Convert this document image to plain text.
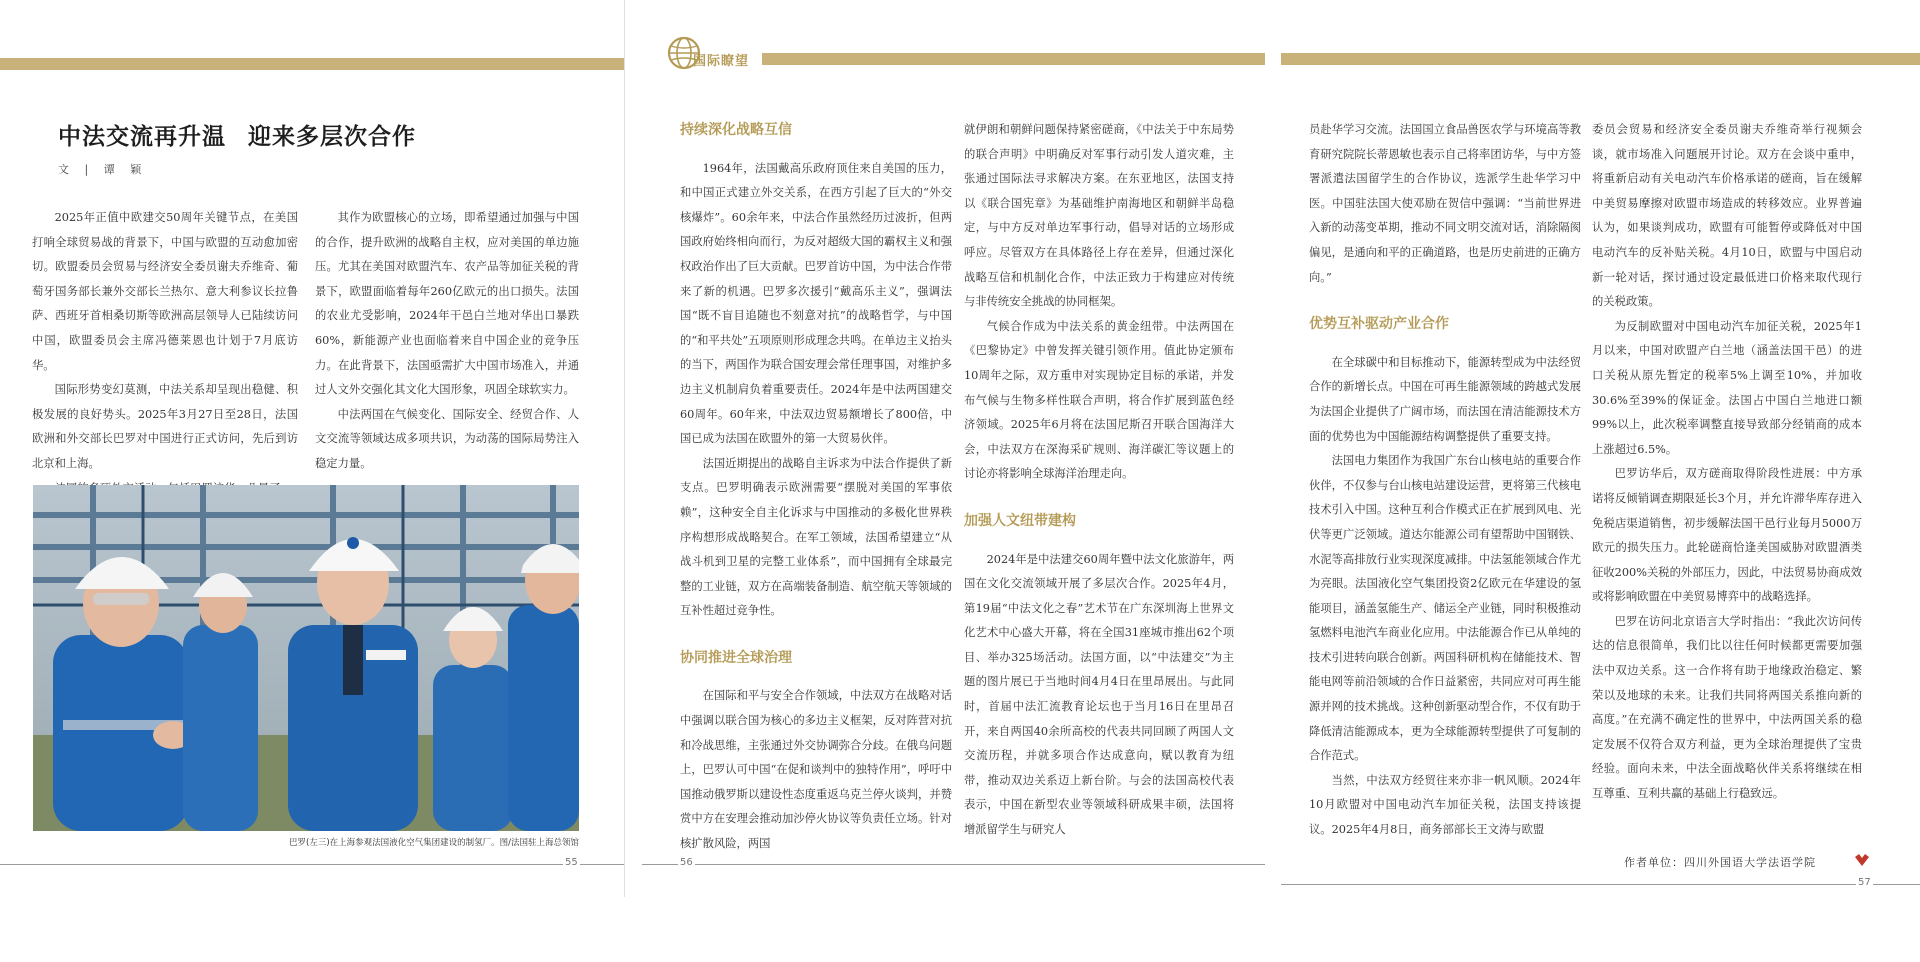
中法交流再升温 迎来多层次合作
文 | 谭 颖

2025年正值中欧建交50周年关键节点，在美国打响全球贸易战的背景下，中国与欧盟的互动愈加密切。欧盟委员会贸易与经济安全委员谢夫乔维奇、葡萄牙国务部长兼外交部长兰热尔、意大利参议长拉鲁萨、西班牙首相桑切斯等欧洲高层领导人已陆续访问中国，欧盟委员会主席冯德莱恩也计划于7月底访华。

国际形势变幻莫测，中法关系却呈现出稳健、积极发展的良好势头。2025年3月27日至28日，法国欧洲和外交部长巴罗对中国进行正式访问，先后到访北京和上海。

其作为欧盟核心的立场，即希望通过加强与中国的合作，提升欧洲的战略自主权，应对美国的单边施压。尤其在美国对欧盟汽车、农产品等加征关税的背景下，欧盟面临着每年260亿欧元的出口损失。法国的农业尤受影响，2024年干邑白兰地对华出口暴跌60%，新能源产业也面临着来自中国企业的竞争压力。在此背景下，法国亟需扩大中国市场准入，并通过人文外交强化其文化大国形象，巩固全球软实力。

中法两国在气候变化、国际安全、经贸合作、人文交流等领域达成多项共识，为动荡的国际局势注入稳定力量。

巴罗(左三)在上海参观法国液化空气集团建设的制氢厂。图/法国驻上海总领馆
55
持续深化战略互信

1964年，法国戴高乐政府顶住来自美国的压力，和中国正式建立外交关系，在西方引起了巨大的“外交核爆炸”。60余年来，中法合作虽然经历过波折，但两国政府始终相向而行，为反对超级大国的霸权主义和强权政治作出了巨大贡献。巴罗首访中国，为中法合作带来了新的机遇。巴罗多次援引“戴高乐主义”，强调法国“既不盲目追随也不刻意对抗”的战略哲学，与中国的“和平共处”五项原则形成理念共鸣。在单边主义抬头的当下，两国作为联合国安理会常任理事国，对维护多边主义机制肩负着重要责任。2024年是中法两国建交60周年。60年来，中法双边贸易额增长了800倍，中国已成为法国在欧盟外的第一大贸易伙伴。

法国近期提出的战略自主诉求为中法合作提供了新支点。巴罗明确表示欧洲需要“摆脱对美国的军事依赖”，这种安全自主化诉求与中国推动的多极化世界秩序构想形成战略契合。在军工领域，法国希望建立“从战斗机到卫星的完整工业体系”，而中国拥有全球最完整的工业链，双方在高端装备制造、航空航天等领域的互补性超过竞争性。

协同推进全球治理

在国际和平与安全合作领域，中法双方在战略对话中强调以联合国为核心的多边主义框架，反对阵营对抗和冷战思维，主张通过外交协调弥合分歧。在俄乌问题上，巴罗认可中国“在促和谈判中的独特作用”，呼吁中国推动俄罗斯以建设性态度重返乌克兰停火谈判，并赞赏中方在安理会推动加沙停火协议等负责任立场。针对核扩散风险，两国

就伊朗和朝鲜问题保持紧密磋商，《中法关于中东局势的联合声明》中明确反对军事行动引发人道灾难，主张通过国际法寻求解决方案。在东亚地区，法国支持以《联合国宪章》为基础维护南海地区和朝鲜半岛稳定，与中方反对单边军事行动，倡导对话的立场形成呼应。尽管双方在具体路径上存在差异，但通过深化战略互信和机制化合作，中法正致力于构建应对传统与非传统安全挑战的协同框架。

气候合作成为中法关系的黄金纽带。中法两国在《巴黎协定》中曾发挥关键引领作用。值此协定颁布10周年之际，双方重申对实现协定目标的承诺，并发布气候与生物多样性联合声明，将合作扩展到蓝色经济领域。2025年6月将在法国尼斯召开联合国海洋大会，中法双方在深海采矿规则、海洋碳汇等议题上的讨论亦将影响全球海洋治理走向。

加强人文纽带建构

2024年是中法建交60周年暨中法文化旅游年，两国在文化交流领域开展了多层次合作。2025年4月，第19届“中法文化之春”艺术节在广东深圳海上世界文化艺术中心盛大开幕，将在全国31座城市推出62个项目、举办325场活动。法国方面，以“中法建交”为主题的图片展已于当地时间4月4日在里昂展出。与此同时，首届中法汇流教育论坛也于当月16日在里昂召开，来自两国40余所高校的代表共同回顾了两国人文交流历程，并就多项合作达成意向，赋以教育为纽带，推动双边关系迈上新台阶。与会的法国高校代表表示，中国在新型农业等领域科研成果丰硕，法国将增派留学生与研究人

56
国际瞭望

员赴华学习交流。法国国立食品兽医农学与环境高等教育研究院院长蒂恩敏也表示自己将率团访华，与中方签署派遣法国留学生的合作协议，选派学生赴华学习中医。中国驻法国大使邓励在贺信中强调：“当前世界进入新的动荡变革期，推动不同文明交流对话，消除隔阂偏见，是通向和平的正确道路，也是历史前进的正确方向。”

优势互补驱动产业合作

在全球碳中和目标推动下，能源转型成为中法经贸合作的新增长点。中国在可再生能源领域的跨越式发展为法国企业提供了广阔市场，而法国在清洁能源技术方面的优势也为中国能源结构调整提供了重要支持。

法国电力集团作为我国广东台山核电站的重要合作伙伴，不仅参与台山核电站建设运营，更将第三代核电技术引入中国。这种互利合作模式正在扩展到风电、光伏等更广泛领域。道达尔能源公司有望帮助中国钢铁、水泥等高排放行业实现深度减排。中法氢能领域合作尤为亮眼。法国液化空气集团投资2亿欧元在华建设的氢能项目，涵盖氢能生产、储运全产业链，同时积极推动氢燃料电池汽车商业化应用。中法能源合作已从单纯的技术引进转向联合创新。两国科研机构在储能技术、智能电网等前沿领域的合作日益紧密，共同应对可再生能源并网的技术挑战。这种创新驱动型合作，不仅有助于降低清洁能源成本，更为全球能源转型提供了可复制的合作范式。

当然，中法双方经贸往来亦非一帆风顺。2024年10月欧盟对中国电动汽车加征关税，法国支持该提议。2025年4月8日，商务部部长王文涛与欧盟

委员会贸易和经济安全委员谢夫乔维奇举行视频会谈，就市场准入问题展开讨论。双方在会谈中重申，将重新启动有关电动汽车价格承诺的磋商，旨在缓解中美贸易摩擦对欧盟市场造成的转移效应。业界普遍认为，如果谈判成功，欧盟有可能暂停或降低对中国电动汽车的反补贴关税。4月10日，欧盟与中国启动新一轮对话，探讨通过设定最低进口价格来取代现行的关税政策。

为反制欧盟对中国电动汽车加征关税，2025年1月以来，中国对欧盟产白兰地（涵盖法国干邑）的进口关税从原先暂定的税率5%上调至10%，并加收30.6%至39%的保证金。法国占中国白兰地进口额99%以上，此次税率调整直接导致部分经销商的成本上涨超过6.5%。

巴罗访华后，双方磋商取得阶段性进展：中方承诺将反倾销调查期限延长3个月，并允许滞华库存进入免税店渠道销售，初步缓解法国干邑行业每月5000万欧元的损失压力。此轮磋商恰逢美国威胁对欧盟酒类征收200%关税的外部压力，因此，中法贸易协商成效或将影响欧盟在中美贸易博弈中的战略选择。

巴罗在访问北京语言大学时指出：“我此次访问传达的信息很简单，我们比以往任何时候都更需要加强法中双边关系。这一合作将有助于地缘政治稳定、繁荣以及地球的未来。让我们共同将两国关系推向新的高度。”在充满不确定性的世界中，中法两国关系的稳定发展不仅符合双方利益，更为全球治理提供了宝贵经验。面向未来，中法全面战略伙伴关系将继续在相互尊重、互利共赢的基础上行稳致远。

57
作者单位：四川外国语大学法语学院
